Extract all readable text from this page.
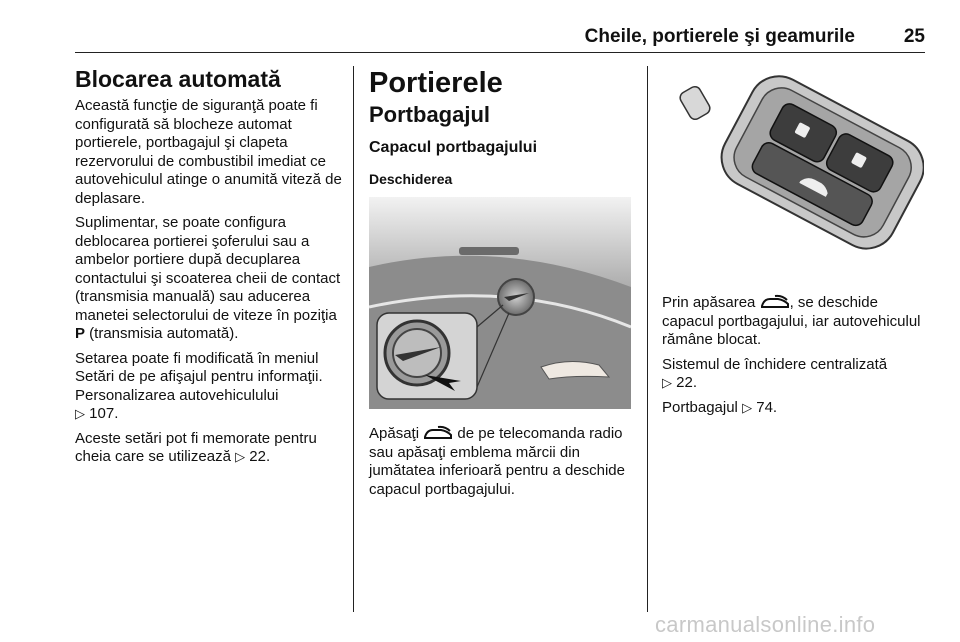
Cheile, portierele şi geamurile	25
Blocarea automată

Această funcţie de siguranţă poate fi configurată să blocheze automat portierele, portbagajul şi clapeta rezervorului de combustibil imediat ce autovehiculul atinge o anumită viteză de deplasare.

Suplimentar, se poate configura deblocarea portierei şoferului sau a ambelor portiere după decuplarea contactului şi scoaterea cheii de contact (transmisia manuală) sau aducerea manetei selectorului de viteze în poziţia P (transmisia automată).

Setarea poate fi modificată în meniul Setări de pe afişajul pentru informaţii. Personalizarea autovehiculului
▷ 107.

Aceste setări pot fi memorate pentru cheia care se utilizează ▷ 22.

Portierele
Portbagajul
Capacul portbagajului
Deschiderea

Apăsaţi  de pe telecomanda radio sau apăsaţi emblema mărcii din jumătatea inferioară pentru a deschide capacul portbagajului.

Prin apăsarea , se deschide capacul portbagajului, iar autovehiculul rămâne blocat.

Sistemul de închidere centralizată
▷ 22.

Portbagajul ▷ 74.

carmanualsonline.info
